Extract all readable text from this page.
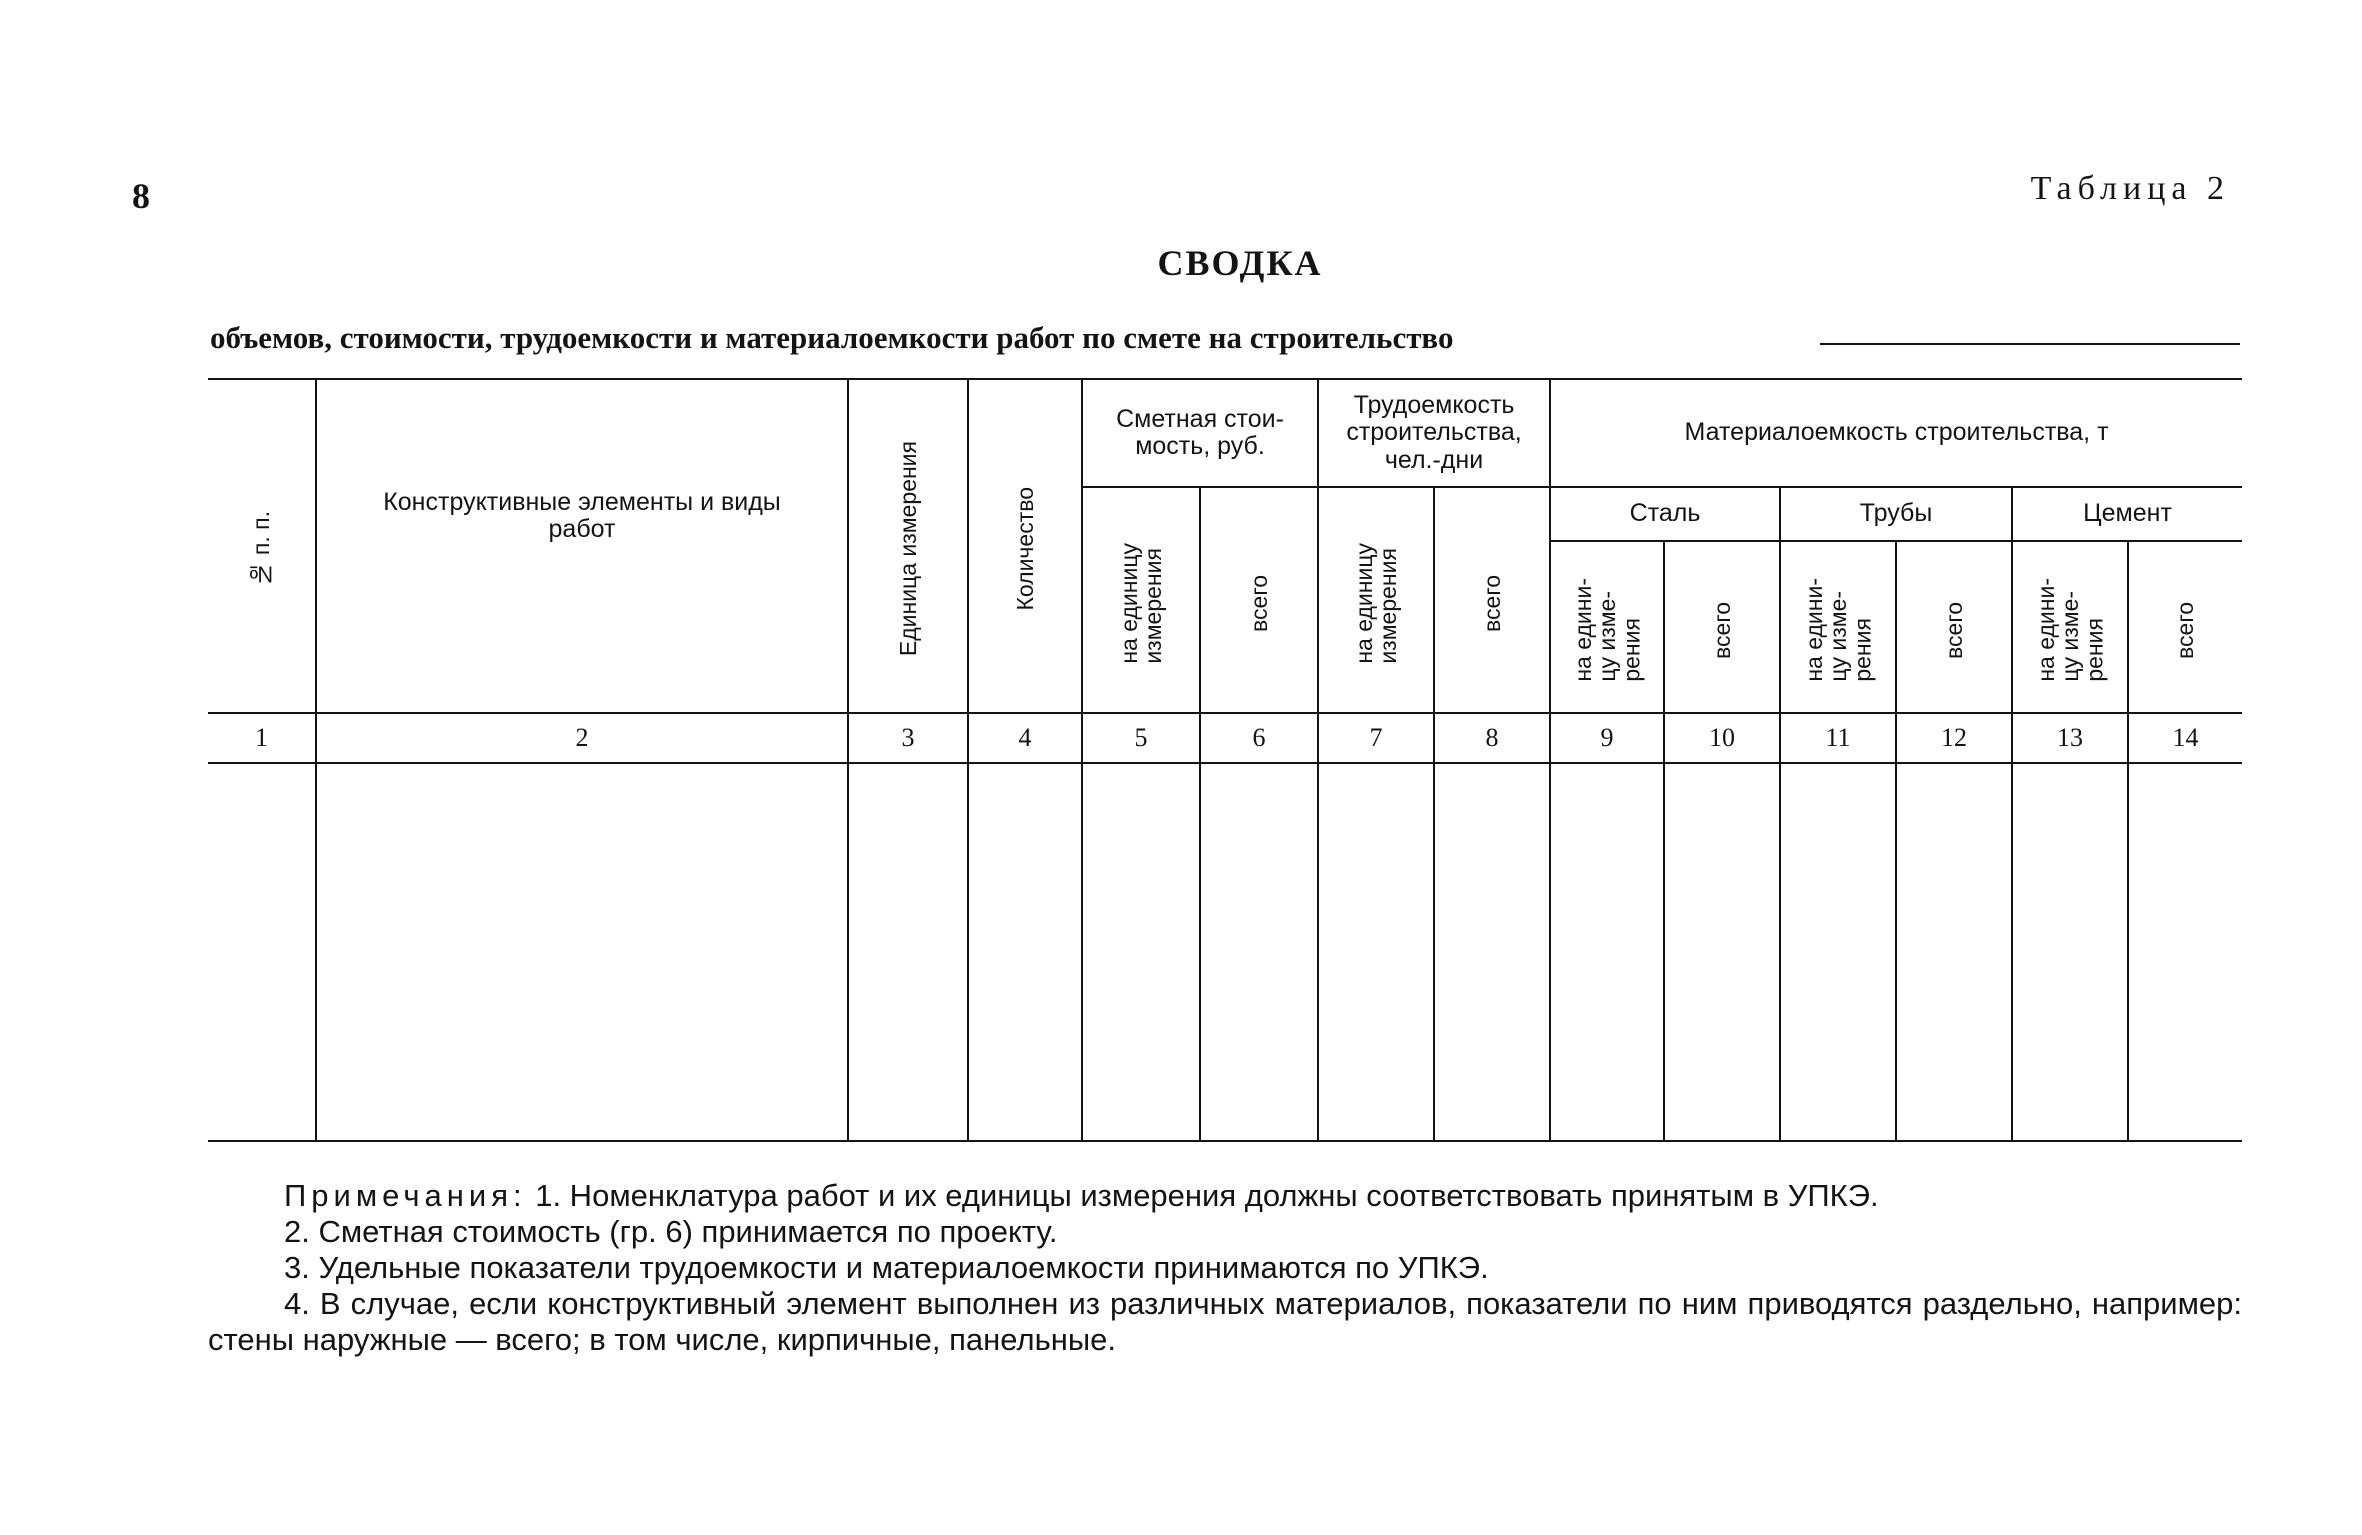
8	Таблица 2
СВОДКА
объемов, стоимости, трудоемкости и материалоемкости работ по смете на строительство
№ п. п.	Конструктивные элементы и виды работ	Единица измерения	Количество	Сметная стои-мость, руб.		Трудоемкость строительства, чел.-дни		Материалоемкость строительства, т					

				на единицу
измерения	всего	на единицу
измерения	всего	Сталь		Трубы		Цемент	

								на едини-
цу изме-
рения	всего	на едини-
цу изме-
рения	всего	на едини-
цу изме-
рения	всего

1	2	3	4	5	6	7	8	9	10	11	12	13	14

Примечания: 1. Номенклатура работ и их единицы измерения должны соответствовать принятым в УПКЭ.

2. Сметная стоимость (гр. 6) принимается по проекту.

3. Удельные показатели трудоемкости и материалоемкости принимаются по УПКЭ.

4. В случае, если конструктивный элемент выполнен из различных материалов, показатели по ним приводятся раздельно, например: стены наружные — всего; в том числе, кирпичные, панельные.
